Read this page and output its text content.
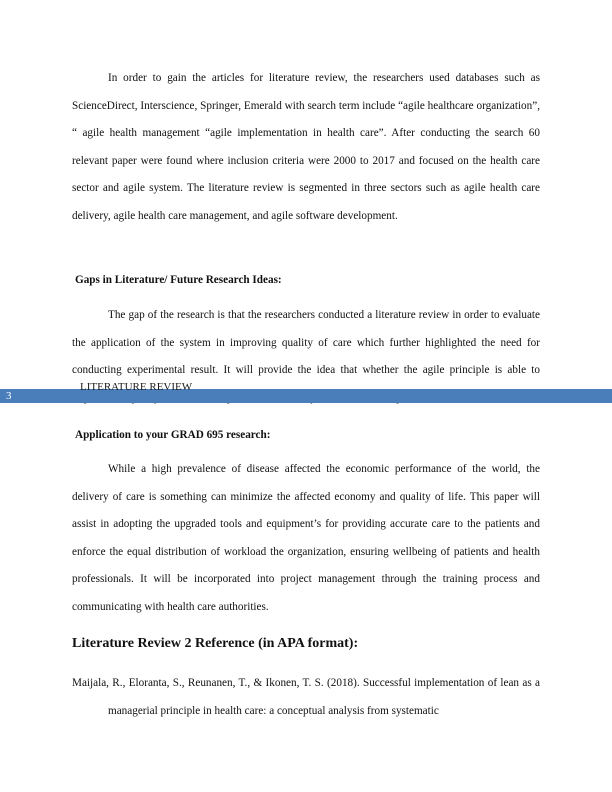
In order to gain the articles for literature review, the researchers used databases such as ScienceDirect, Interscience, Springer, Emerald with search term include “agile healthcare organization”, “ agile health management “agile implementation in health care”. After conducting the search 60 relevant paper were found where inclusion criteria were 2000 to 2017 and focused on the health care sector and agile system. The literature review is segmented in three sectors such as agile health care delivery, agile health care management, and agile software development.

Gaps in Literature/ Future Research Ideas:

The gap of the research is that the researchers conducted a literature review in order to evaluate the application of the system in improving quality of care which further highlighted the need for conducting experimental result. It will provide the idea that whether the agile principle is able to

3
LITERATURE REVIEW

Application to your GRAD 695 research:

While a high prevalence of disease affected the economic performance of the world, the delivery of care is something can minimize the affected economy and quality of life. This paper will assist in adopting the upgraded tools and equipment’s for providing accurate care to the patients and enforce the equal distribution of workload the organization, ensuring wellbeing of patients and health professionals. It will be incorporated into project management through the training process and communicating with health care authorities.

Literature Review 2 Reference (in APA format):

Maijala, R., Eloranta, S., Reunanen, T., & Ikonen, T. S. (2018). Successful implementation of lean as a managerial principle in health care: a conceptual analysis from systematic
